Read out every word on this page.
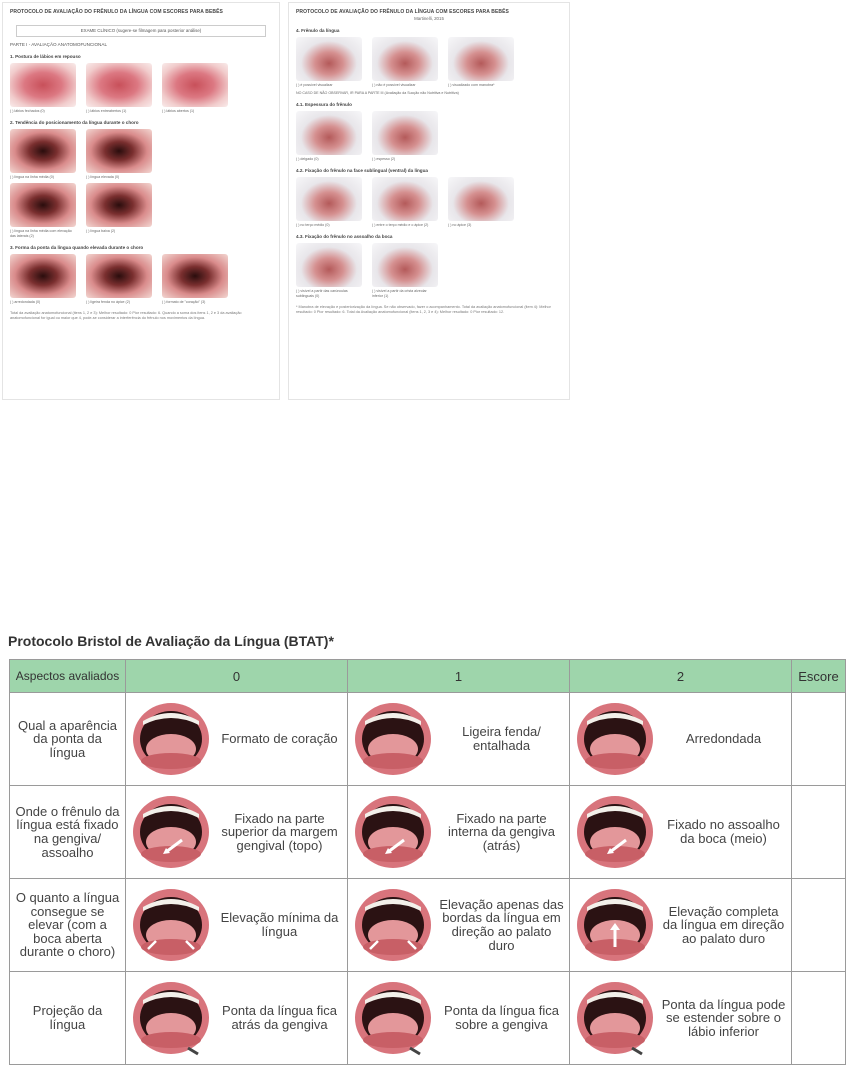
PROTOCOLO DE AVALIAÇÃO DO FRÊNULO DA LÍNGUA COM ESCORES PARA BEBÊS
EXAME CLÍNICO (sugere-se filmagem para posterior análise)
PARTE I - AVALIAÇÃO ANATOMOFUNCIONAL
1. Postura de lábios em repouso
( ) lábios fechados (0)	( ) lábios entreabertos (1)	( ) lábios abertos (1)
2. Tendência do posicionamento da língua durante o choro
( ) língua na linha média (0)	( ) língua elevada (0)
( ) língua na linha média com elevação das laterais (2)
( ) língua baixa (2)
3. Forma da ponta da língua quando elevada durante o choro
( ) arredondada (0)	( ) ligeira fenda no ápice (2)	( ) formato de "coração" (3)
Total da avaliação anatomofuncional (itens 1, 2 e 3): Melhor resultado: 0 Pior resultado: 6. Quando a soma dos itens 1, 2 e 3 da avaliação anatomofuncional for igual ou maior que 4, pode-se considerar a interferência do frênulo nos movimentos da língua.
PROTOCOLO DE AVALIAÇÃO DO FRÊNULO DA LÍNGUA COM ESCORES PARA BEBÊS
Martinelli, 2015
4. Frênulo da língua
( ) é possível visualizar	( ) não é possível visualizar	( ) visualizado com manobra*
NO CASO DE NÃO OBSERVAR, IR PARA A PARTE III (Avaliação da Sucção não Nutritiva e Nutritiva)
4.1. Espessura do frênulo
( ) delgado (0)	( ) espesso (2)
4.2. Fixação do frênulo na face sublingual (ventral) da língua
( ) no terço médio (0)	( ) entre o terço médio e o ápice (2)	( ) no ápice (3)
4.3. Fixação do frênulo no assoalho da boca
( ) visível a partir das carúnculas sublinguais (0)
( ) visível a partir da crista alveolar inferior (1)
* Manobra de elevação e posteriorização da língua. Se não observado, fazer o acompanhamento. Total da avaliação anatomofuncional (item 4): Melhor resultado: 0 Pior resultado: 6. Total da Avaliação anatomofuncional (itens 1, 2, 3 e 4): Melhor resultado: 0 Pior resultado: 12.
Protocolo Bristol de Avaliação da Língua (BTAT)*
Aspectos avaliados	0	1	2	Escore
Qual a aparência da ponta da língua	Formato de coração	Ligeira fenda/ entalhada	Arredondada	

Onde o frênulo da língua está fixado na gengiva/ assoalho	Fixado na parte superior da margem gengival (topo)	Fixado na parte interna da gengiva (atrás)	Fixado no assoalho da boca (meio)	

O quanto a língua consegue se elevar (com a boca aberta durante o choro)	Elevação mínima da língua	Elevação apenas das bordas da língua em direção ao palato duro	Elevação completa da língua em direção ao palato duro	

Projeção da língua	Ponta da língua fica atrás da gengiva	Ponta da língua fica sobre a gengiva	Ponta da língua pode se estender sobre o lábio inferior	
